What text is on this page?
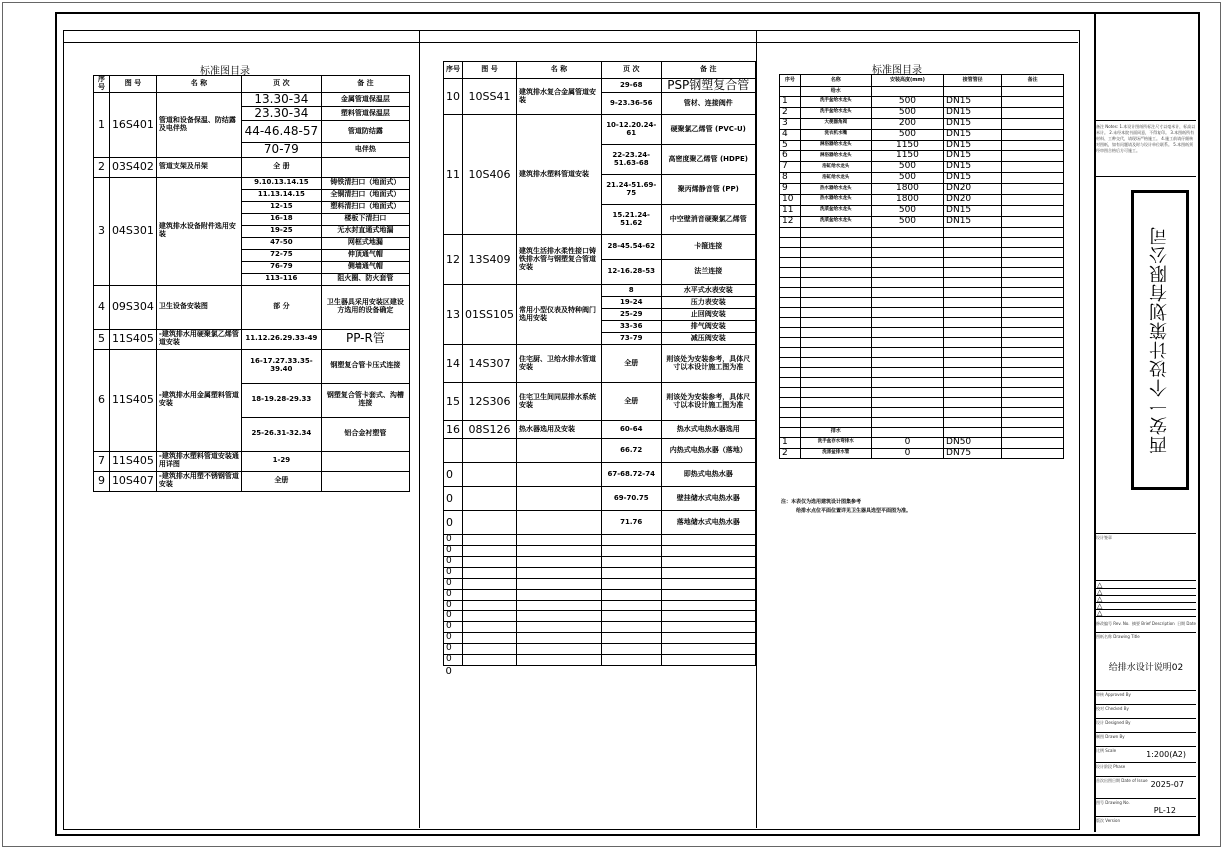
标准图目录
序号	图 号	名 称	页 次	备 注
1	16S401	管道和设备保温、防结露及电伴热	13.30-34	金属管道保温层
			23.30-34	塑料管道保温层
			44-46.48-57	管道防结露
			70-79	电伴热
2	03S402	管道支架及吊架	全 册	
3	04S301	建筑排水设备附件选用安装	9.10.13.14.15	铸铁清扫口（地面式）
			11.13.14.15	全铜清扫口（地面式）
			12-15	塑料清扫口（地面式）
			16-18	楼板下清扫口
			19-25	无水封直通式地漏
			47-50	网框式地漏
			72-75	伸顶通气帽
			76-79	侧墙通气帽
			113-116	阻火圈、防火套管
4	09S304	卫生设备安装图	部 分	卫生器具采用安装区建设方选用的设备确定
5	11S405	-建筑排水用硬聚氯乙烯管道安装	11.12.26.29.33-49	PP-R管
6	11S405	-建筑排水用金属塑料管道安装	16-17.27.33.35-39.40	钢塑复合管卡压式连接
			18-19.28-29.33	钢塑复合管卡套式、沟槽连接
			25-26.31-32.34	铝合金衬塑管
7	11S405	-建筑排水塑料管道安装通用详图	1-29	
9	10S407	-建筑排水用塑不锈钢管道安装	全册	
序号	图 号	名 称	页 次	备 注
10	10SS41	建筑排水复合金属管道安装	29-68	PSP钢塑复合管
			9-23.36-56	管材、连接阀件
11	10S406	建筑排水塑料管道安装	10-12.20.24-61	硬聚氯乙烯管 (PVC-U)
			22-23.24-51.63-68	高密度聚乙烯管 (HDPE)
			21.24-51.69-75	聚丙烯静音管 (PP)
			15.21.24-51.62	中空壁消音硬聚氯乙烯管
12	13S409	建筑生活排水柔性接口铸铁排水管与钢塑复合管道安装	28-45.54-62	卡箍连接
			12-16.28-53	法兰连接
13	01SS105	常用小型仪表及特种阀门选用安装	8	水平式水表安装
			19-24	压力表安装
			25-29	止回阀安装
			33-36	排气阀安装
			73-79	减压阀安装
14	14S307	住宅厨、卫给水排水管道安装	全册	则该处为安装参考，具体尺寸以本设计施工图为准
15	12S306	住宅卫生间同层排水系统安装	全册	则该处为安装参考，具体尺寸以本设计施工图为准
16	08S126	热水器选用及安装	60-64	热水式电热水器选用
			66.72	内热式电热水器（落地）
0			67-68.72-74	即热式电热水器
0			69-70.75	壁挂储水式电热水器
0			71.76	落地储水式电热水器
0				
0				
0				
0				
0				
0				
0				
0				
0				
0				
0				
0				
0				
标准图目录
序号	名称	安装高度(mm)	接管管径	备注
	给水			
1	洗手盆给水龙头	500	DN15	
2	洗手盆给水龙头	500	DN15	
3	大便器角阀	200	DN15	
4	洗衣机水嘴	500	DN15	
5	淋浴器给水龙头	1150	DN15	
6	淋浴器给水龙头	1150	DN15	
7	浴缸给水龙头	500	DN15	
8	浴缸给水龙头	500	DN15	
9	热水器给水龙头	1800	DN20	
10	热水器给水龙头	1800	DN20	
11	洗菜盆给水龙头	500	DN15	
12	洗菜盆给水龙头	500	DN15	

	排水			
1	洗手盆存水弯排水	0	DN50	
2	洗涤盆排水管	0	DN75	
注：本表仅为选用建筑设计图集参考
给排水点位平面位置详见卫生器具选型平面图为准。
备注 Notes: 1.本设计图纸所标注尺寸以毫米计，标高以米计。 2.未经本院书面同意，不得复印。 3.本图纸所有材料、工种交代，请现场严格施工。 4.施工前请仔细核对图纸，如有问题请及时与设计单位联系。 5.本图纸须经审图合格后方可施工。
西安一个设计策划有限公司
设计签章
△
△
△
△
△
修改编号 Rev. No. 摘要 Brief Description 日期 Date
图纸名称 Drawing Title
给排水设计说明02
审核 Approved By
校对 Checked By
设计 Designed By
制图 Drawn By
比例 Scale	1:200(A2)
设计阶段 Phase
首次出图日期 Date of Issue 2025-07
图号 Drawing No.
PL-12
版次 Version
